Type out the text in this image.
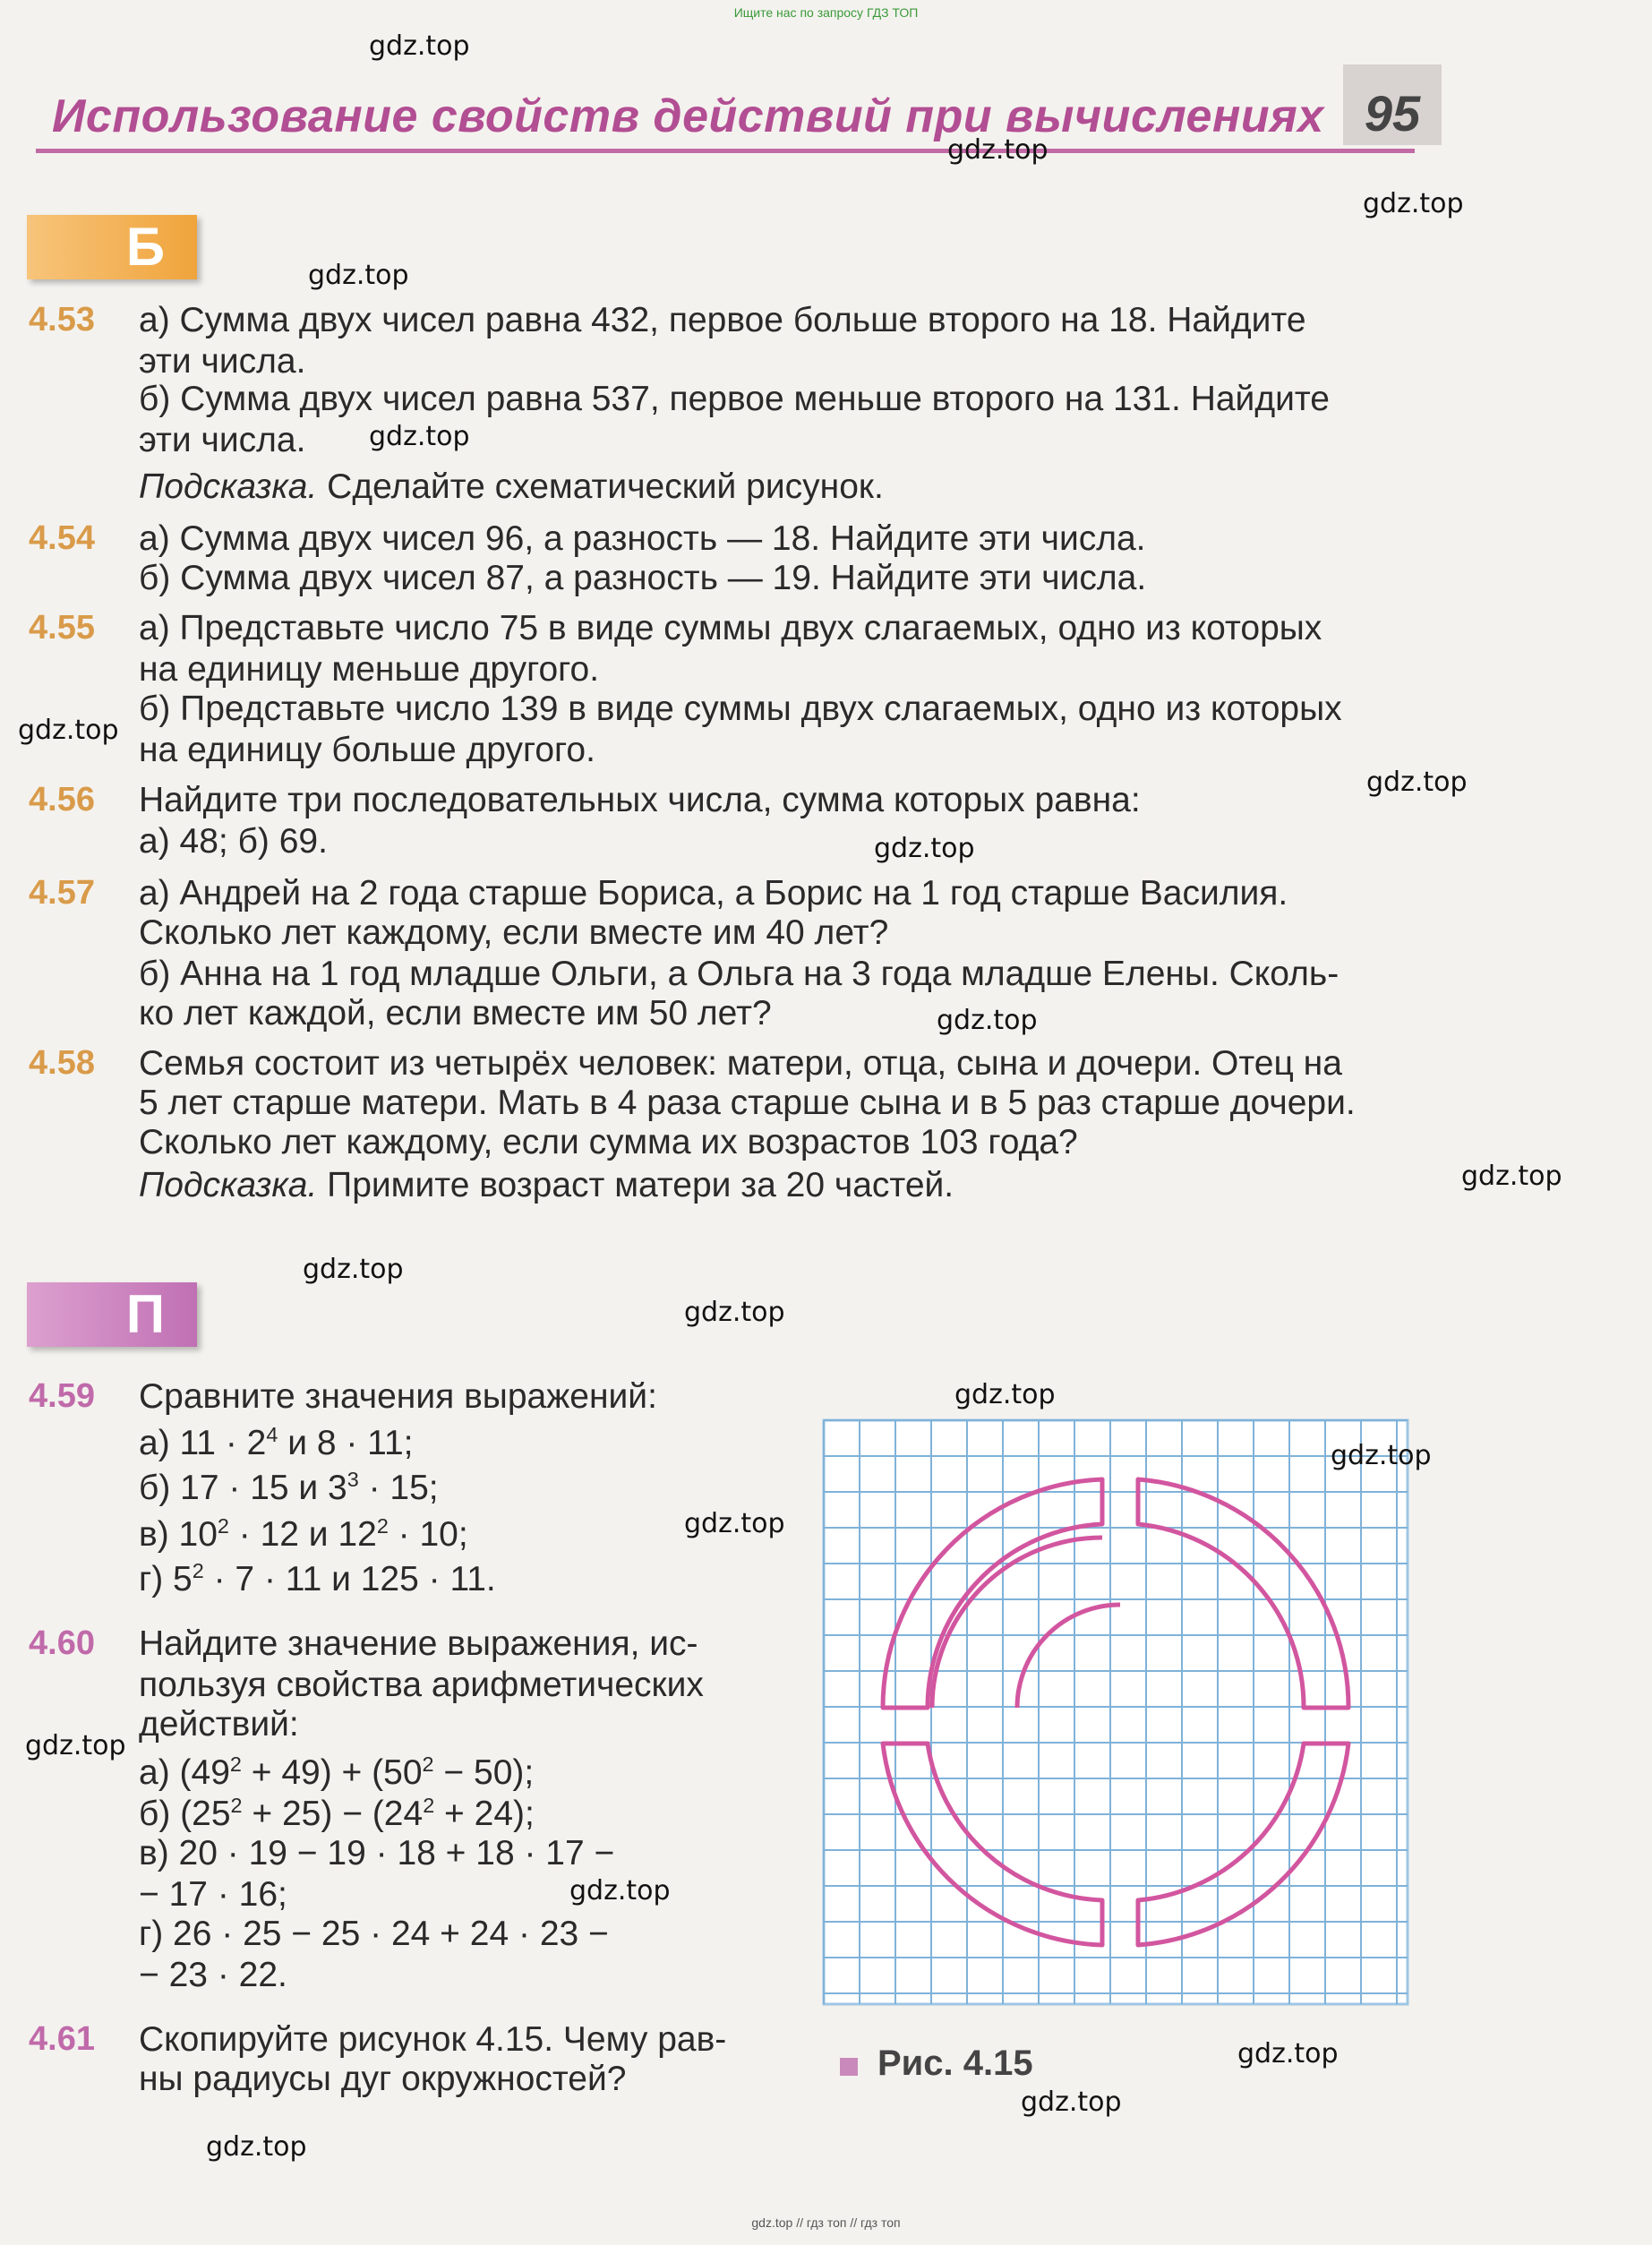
Ищите нас по запросу ГДЗ ТОП
Использование свойств действий при вычислениях 95
Б
П
4.53 а) Сумма двух чисел равна 432, первое больше второго на 18. Найдите
эти числа.
б) Сумма двух чисел равна 537, первое меньше второго на 131. Найдите
эти числа.
Подсказка. Сделайте схематический рисунок.
4.54 а) Сумма двух чисел 96, а разность — 18. Найдите эти числа.
б) Сумма двух чисел 87, а разность — 19. Найдите эти числа.
4.55 а) Представьте число 75 в виде суммы двух слагаемых, одно из которых
на единицу меньше другого.
б) Представьте число 139 в виде суммы двух слагаемых, одно из которых
на единицу больше другого.
4.56 Найдите три последовательных числа, сумма которых равна:
а) 48; б) 69.
4.57 а) Андрей на 2 года старше Бориса, а Борис на 1 год старше Василия.
Сколько лет каждому, если вместе им 40 лет?
б) Анна на 1 год младше Ольги, а Ольга на 3 года младше Елены. Сколь-
ко лет каждой, если вместе им 50 лет?
4.58 Семья состоит из четырёх человек: матери, отца, сына и дочери. Отец на
5 лет старше матери. Мать в 4 раза старше сына и в 5 раз старше дочери.
Сколько лет каждому, если сумма их возрастов 103 года?
Подсказка. Примите возраст матери за 20 частей.
4.59 Сравните значения выражений:
а) $11 \cdot 2^4$ и 8 · 11;
б) 17 · 15 и $3^3 \cdot 15$;
в) $10^2 \cdot 12$ и $12^2 \cdot 10$;
г) $5^2 \cdot 7 \cdot 11$ и 125 · 11.
4.60 Найдите значение выражения, ис-
пользуя свойства арифметических
действий:
а) $(49^2 + 49) + (50^2 - 50)$;
б) $(25^2 + 25) - (24^2 + 24)$;
в) 20 · 19 − 19 · 18 + 18 · 17 −
− 17 · 16;
г) 26 · 25 − 25 · 24 + 24 · 23 −
− 23 · 22.
4.61 Скопируйте рисунок 4.15. Чему рав-
ны радиусы дуг окружностей?	Рис. 4.15
gdz.top
gdz.top
gdz.top
gdz.top
gdz.top
gdz.top
gdz.top
gdz.top
gdz.top
gdz.top
gdz.top
gdz.top
gdz.top
gdz.top
gdz.top
gdz.top
gdz.top
gdz.top
gdz.top
gdz.top
gdz.top // гдз топ // гдз топ
